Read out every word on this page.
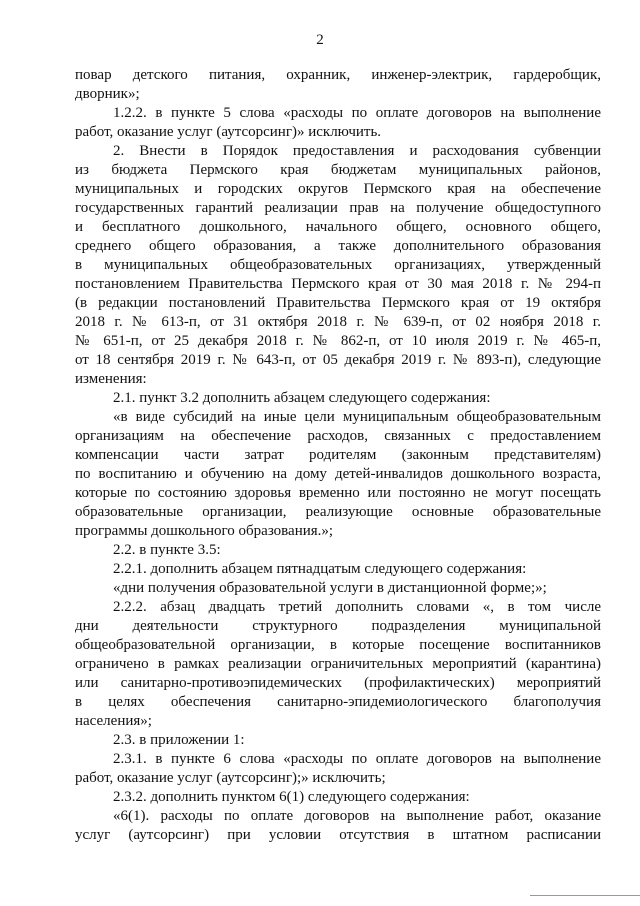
2
повар детского питания, охранник, инженер-электрик, гардеробщик,
дворник»;
1.2.2. в пункте 5 слова «расходы по оплате договоров на выполнение
работ, оказание услуг (аутсорсинг)» исключить.
2. Внести в Порядок предоставления и расходования субвенции
из бюджета Пермского края бюджетам муниципальных районов,
муниципальных и городских округов Пермского края на обеспечение
государственных гарантий реализации прав на получение общедоступного
и бесплатного дошкольного, начального общего, основного общего,
среднего общего образования, а также дополнительного образования
в муниципальных общеобразовательных организациях, утвержденный
постановлением Правительства Пермского края от 30 мая 2018 г. № 294-п
(в редакции постановлений Правительства Пермского края от 19 октября
2018 г. № 613-п, от 31 октября 2018 г. № 639-п, от 02 ноября 2018 г.
№ 651-п, от 25 декабря 2018 г. № 862-п, от 10 июля 2019 г. № 465-п,
от 18 сентября 2019 г. № 643-п, от 05 декабря 2019 г. № 893-п), следующие
изменения:
2.1. пункт 3.2 дополнить абзацем следующего содержания:
«в виде субсидий на иные цели муниципальным общеобразовательным
организациям на обеспечение расходов, связанных с предоставлением
компенсации части затрат родителям (законным представителям)
по воспитанию и обучению на дому детей-инвалидов дошкольного возраста,
которые по состоянию здоровья временно или постоянно не могут посещать
образовательные организации, реализующие основные образовательные
программы дошкольного образования.»;
2.2. в пункте 3.5:
2.2.1. дополнить абзацем пятнадцатым следующего содержания:
«дни получения образовательной услуги в дистанционной форме;»;
2.2.2. абзац двадцать третий дополнить словами «, в том числе
дни деятельности структурного подразделения муниципальной
общеобразовательной организации, в которые посещение воспитанников
ограничено в рамках реализации ограничительных мероприятий (карантина)
или санитарно-противоэпидемических (профилактических) мероприятий
в целях обеспечения санитарно-эпидемиологического благополучия
населения»;
2.3. в приложении 1:
2.3.1. в пункте 6 слова «расходы по оплате договоров на выполнение
работ, оказание услуг (аутсорсинг);» исключить;
2.3.2. дополнить пунктом 6(1) следующего содержания:
«6(1). расходы по оплате договоров на выполнение работ, оказание
услуг (аутсорсинг) при условии отсутствия в штатном расписании
